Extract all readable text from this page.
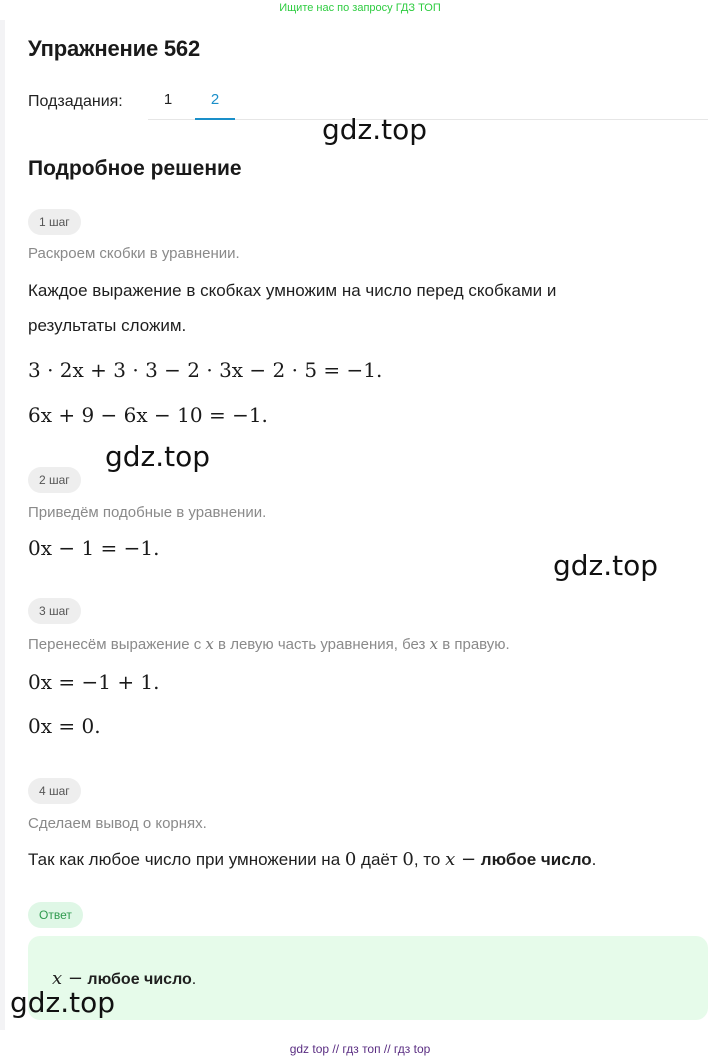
Ищите нас по запросу ГДЗ ТОП
Упражнение 562
Подзадания:	1	2
gdz.top
Подробное решение
1 шаг
Раскроем скобки в уравнении.
Каждое выражение в скобках умножим на число перед скобками и
результаты сложим.
3 · 2x + 3 · 3 − 2 · 3x − 2 · 5 = −1.
6x + 9 − 6x − 10 = −1.
gdz.top
2 шаг
Приведём подобные в уравнении.
0x − 1 = −1.
gdz.top
3 шаг
Перенесём выражение с x в левую часть уравнения, без x в правую.
0x = −1 + 1.
0x = 0.
4 шаг
Сделаем вывод о корнях.
Так как любое число при умножении на 0 даёт 0, то x − любое число.
Ответ
x − любое число.
gdz.top
gdz top // гдз топ // гдз top
